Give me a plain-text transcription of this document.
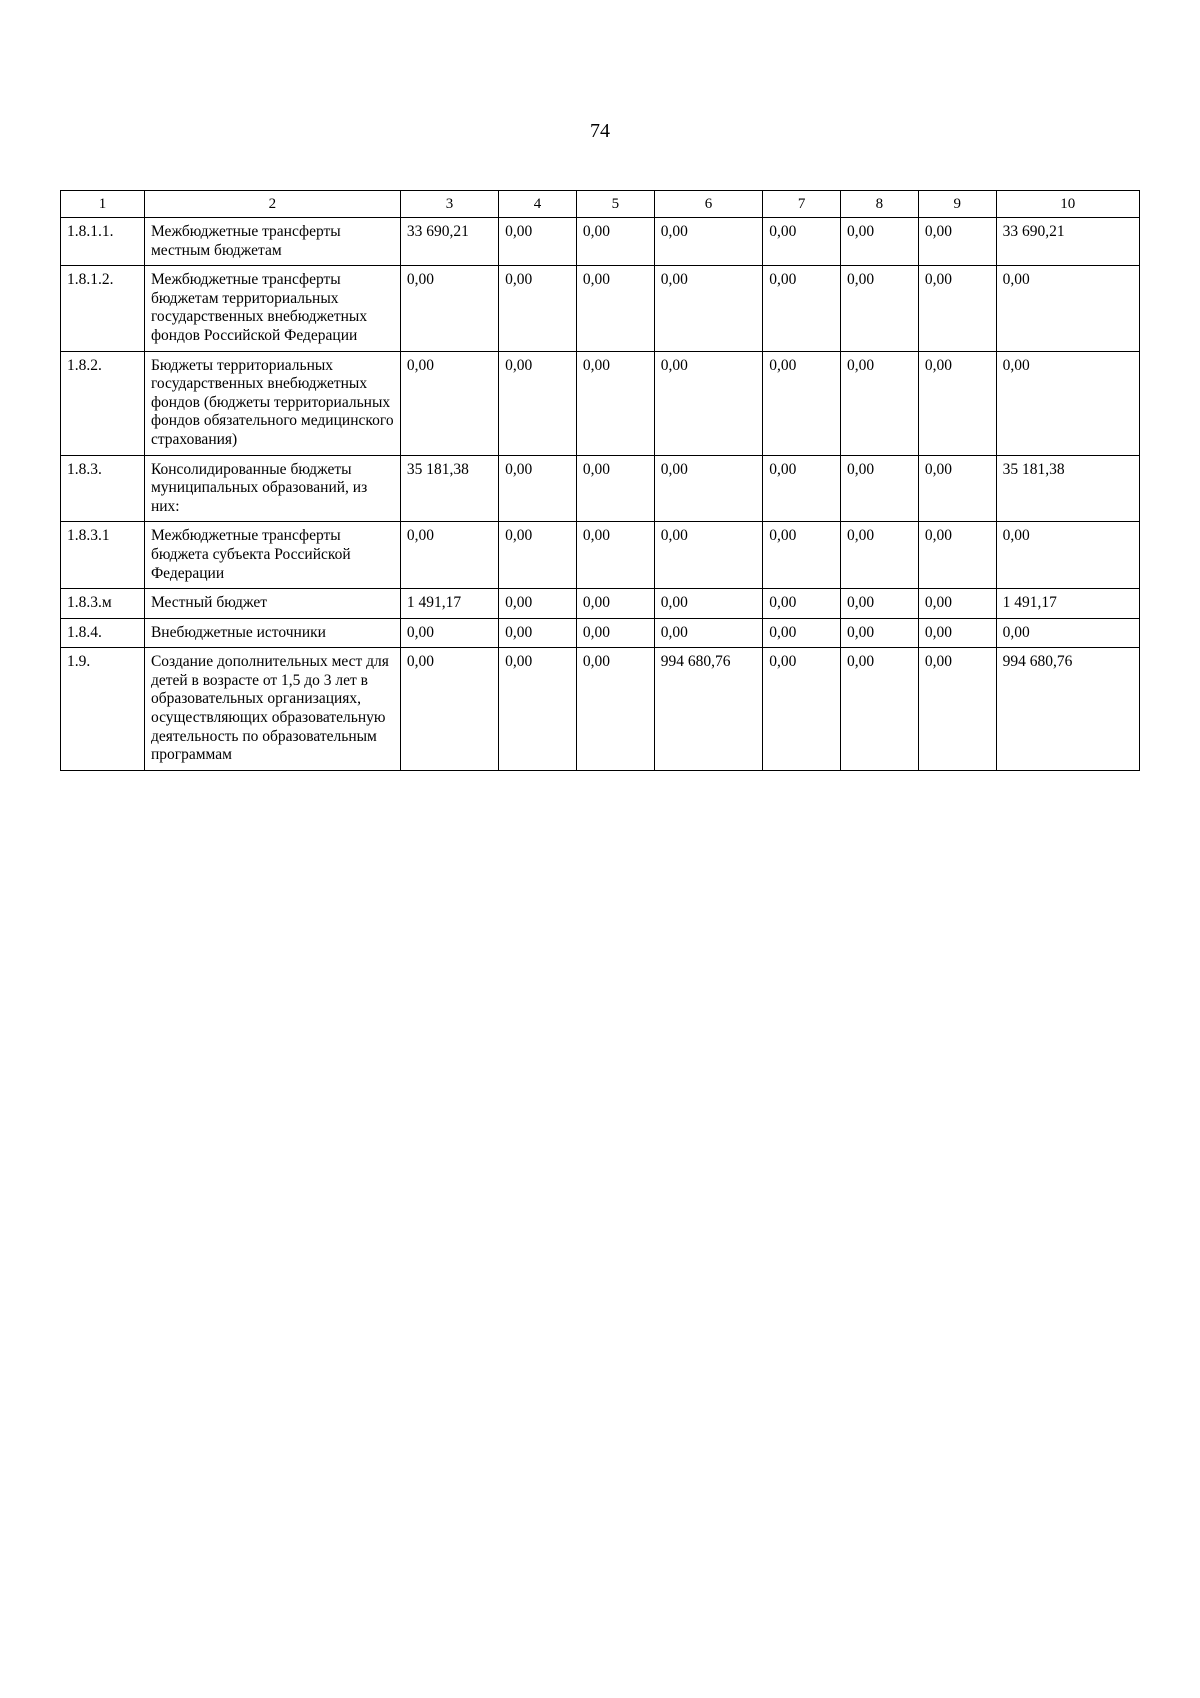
74
1	2	3	4	5	6	7	8	9	10
1.8.1.1.	Межбюджетные трансферты местным бюджетам	33 690,21	0,00	0,00	0,00	0,00	0,00	0,00	33 690,21
1.8.1.2.	Межбюджетные трансферты бюджетам территориальных государственных внебюджетных фондов Российской Федерации	0,00	0,00	0,00	0,00	0,00	0,00	0,00	0,00
1.8.2.	Бюджеты территориальных государственных внебюджетных фондов (бюджеты территориальных фондов обязательного медицинского страхования)	0,00	0,00	0,00	0,00	0,00	0,00	0,00	0,00
1.8.3.	Консолидированные бюджеты муниципальных образований, из них:	35 181,38	0,00	0,00	0,00	0,00	0,00	0,00	35 181,38
1.8.3.1	Межбюджетные трансферты бюджета субъекта Российской Федерации	0,00	0,00	0,00	0,00	0,00	0,00	0,00	0,00
1.8.3.м	Местный бюджет	1 491,17	0,00	0,00	0,00	0,00	0,00	0,00	1 491,17
1.8.4.	Внебюджетные источники	0,00	0,00	0,00	0,00	0,00	0,00	0,00	0,00
1.9.	Создание дополнительных мест для детей в возрасте от 1,5 до 3 лет в образовательных организациях, осуществляющих образовательную деятельность по образовательным программам	0,00	0,00	0,00	994 680,76	0,00	0,00	0,00	994 680,76
